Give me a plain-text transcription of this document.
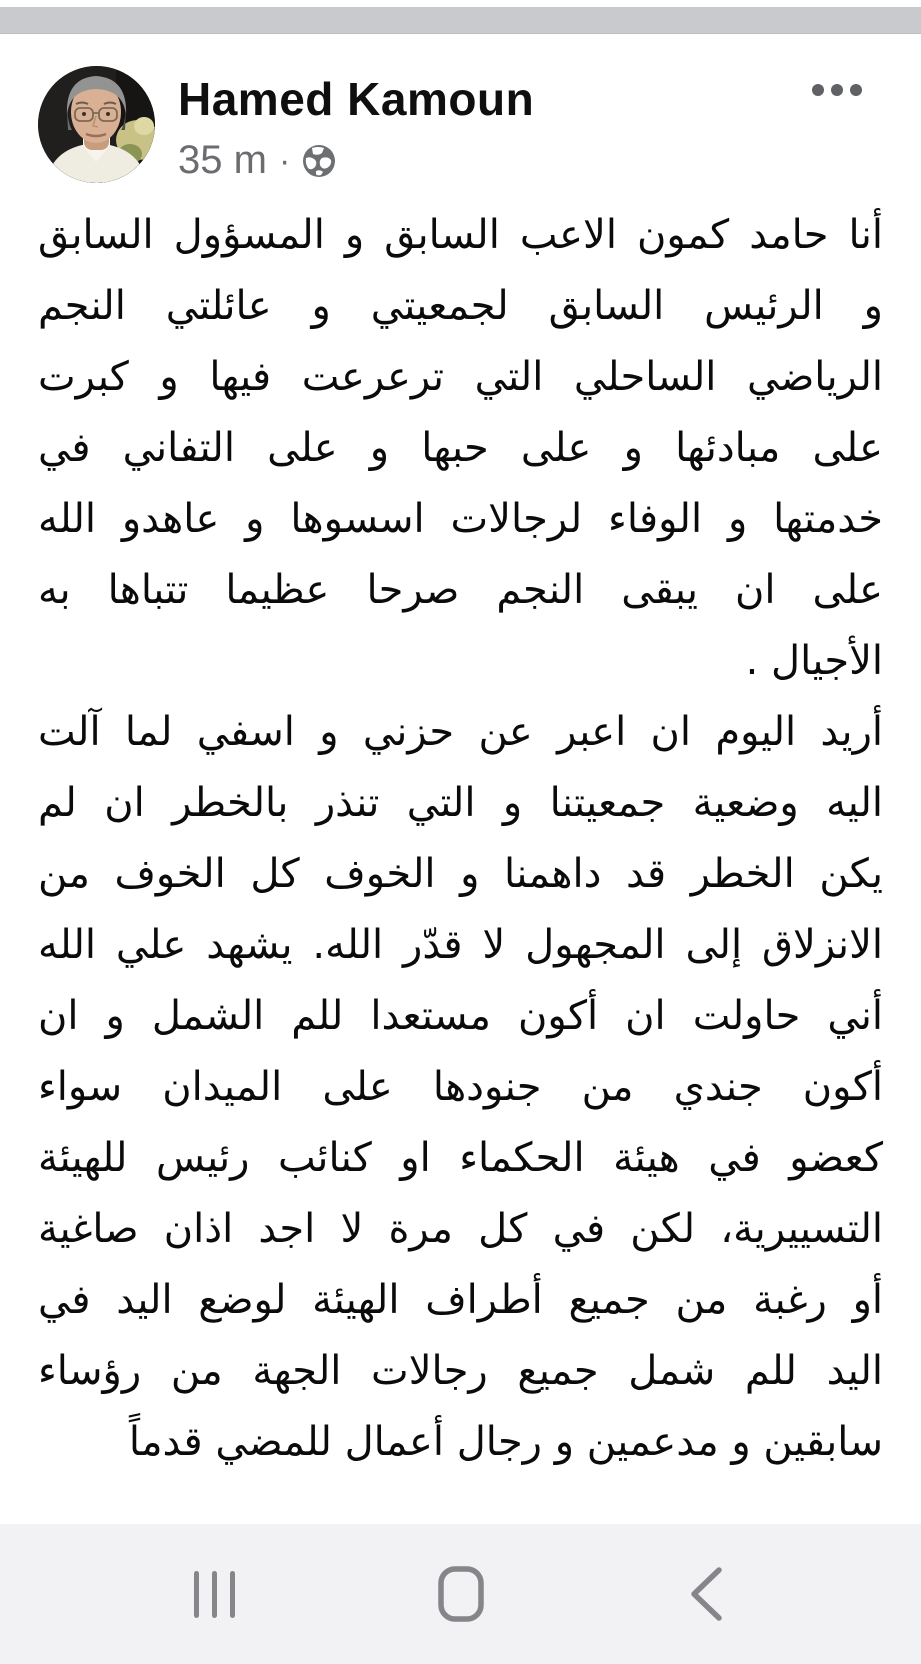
Hamed Kamoun
35 m ·
أنا حامد كمون الاعب السابق و المسؤول السابق
و الرئيس السابق لجمعيتي و عائلتي النجم
الرياضي الساحلي التي ترعرعت فيها و كبرت
على مبادئها و على حبها و على التفاني في
خدمتها و الوفاء لرجالات اسسوها و عاهدو الله
على ان يبقى النجم صرحا عظيما تتباها به
الأجيال .
أريد اليوم ان اعبر عن حزني و اسفي لما آلت
اليه وضعية جمعيتنا و التي تنذر بالخطر ان لم
يكن الخطر قد داهمنا و الخوف كل الخوف من
الانزلاق إلى المجهول لا قدّر الله. يشهد علي الله
أني حاولت ان أكون مستعدا للم الشمل و ان
أكون جندي من جنودها على الميدان سواء
كعضو في هيئة الحكماء او كنائب رئيس للهيئة
التسييرية، لكن في كل مرة لا اجد اذان صاغية
أو رغبة من جميع أطراف الهيئة لوضع اليد في
اليد للم شمل جميع رجالات الجهة من رؤساء
سابقين و مدعمين و رجال أعمال للمضي قدماً
